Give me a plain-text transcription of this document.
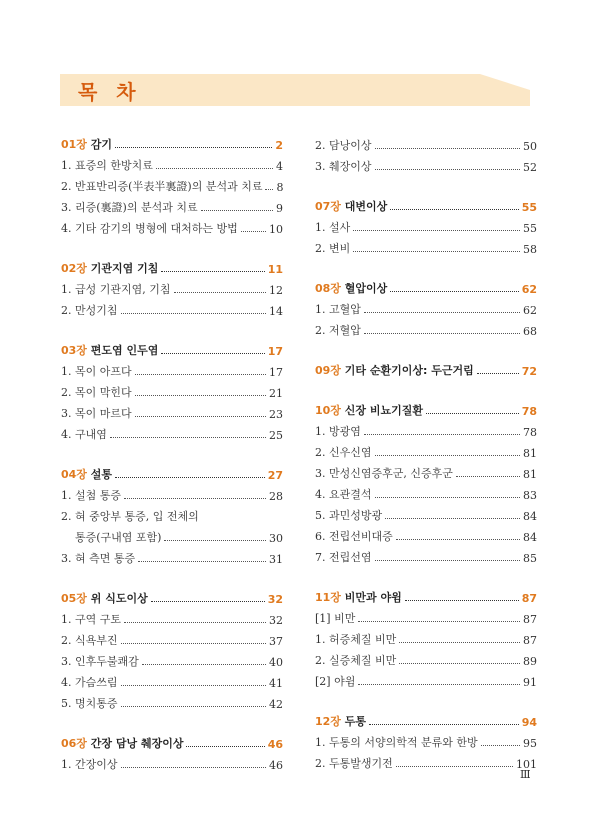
목 차
01장 감기	2
1. 표증의 한방치료	4
2. 반표반리증(半表半裏證)의 분석과 치료 8
3. 리증(裏證)의 분석과 치료	9
4. 기타 감기의 병형에 대처하는 방법	10
02장 기관지염 기침	11
1. 급성 기관지염, 기침	12
2. 만성기침	14
03장 편도염 인두염	17
1. 목이 아프다	17
2. 목이 막힌다	21
3. 목이 마르다	23
4. 구내염	25
04장 설통	27
1. 설첨 통증	28
2. 혀 중앙부 통증, 입 전체의
통증(구내염 포함)	30
3. 혀 측면 통증	31
05장 위 식도이상	32
1. 구역 구토	32
2. 식욕부진	37
3. 인후두불쾌감	40
4. 가슴쓰림	41
5. 명치통증	42
06장 간장 담낭 췌장이상	46
1. 간장이상	46
2. 담낭이상	50
3. 췌장이상	52
07장 대변이상	55
1. 설사	55
2. 변비	58
08장 혈압이상	62
1. 고혈압	62
2. 저혈압	68
09장 기타 순환기이상: 두근거림	72
10장 신장 비뇨기질환	78
1. 방광염	78
2. 신우신염	81
3. 만성신염증후군, 신증후군	81
4. 요관결석	83
5. 과민성방광	84
6. 전립선비대증	84
7. 전립선염	85
11장 비만과 야윔	87
[1] 비만	87
1. 허증체질 비만	87
2. 실증체질 비만	89
[2] 야윔	91
12장 두통	94
1. 두통의 서양의학적 분류와 한방	95
2. 두통발생기전	101
Ⅲ
